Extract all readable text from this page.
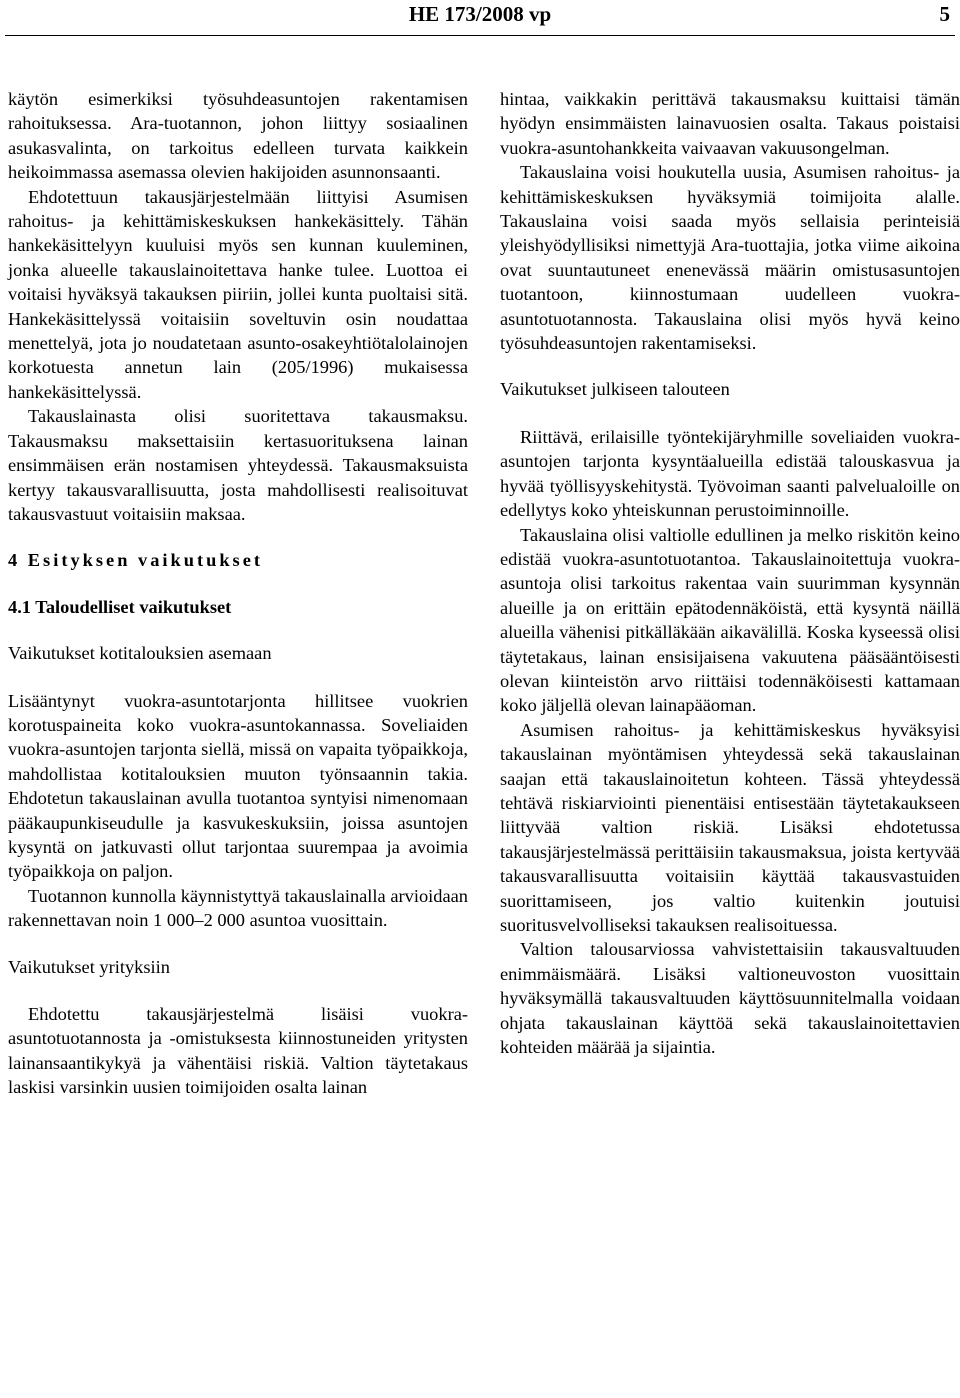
HE 173/2008 vp	5

käytön esimerkiksi työsuhdeasuntojen rakentamisen rahoituksessa. Ara-tuotannon, johon liittyy sosiaalinen asukasvalinta, on tarkoitus edelleen turvata kaikkein heikoimmassa asemassa olevien hakijoiden asunnonsaanti.

Ehdotettuun takausjärjestelmään liittyisi Asumisen rahoitus- ja kehittämiskeskuksen hankekäsittely. Tähän hankekäsittelyyn kuuluisi myös sen kunnan kuuleminen, jonka alueelle takauslainoitettava hanke tulee. Luottoa ei voitaisi hyväksyä takauksen piiriin, jollei kunta puoltaisi sitä. Hankekäsittelyssä voitaisiin soveltuvin osin noudattaa menettelyä, jota jo noudatetaan asunto-osakeyhtiötalolainojen korkotuesta annetun lain (205/1996) mukaisessa hankekäsittelyssä.

Takauslainasta olisi suoritettava takausmaksu. Takausmaksu maksettaisiin kertasuorituksena lainan ensimmäisen erän nostamisen yhteydessä. Takausmaksuista kertyy takausvarallisuutta, josta mahdollisesti realisoituvat takausvastuut voitaisiin maksaa.

4 Esityksen vaikutukset
4.1 Taloudelliset vaikutukset
Vaikutukset kotitalouksien asemaan

Lisääntynyt vuokra-asuntotarjonta hillitsee vuokrien korotuspaineita koko vuokra-asuntokannassa. Soveliaiden vuokra-asuntojen tarjonta siellä, missä on vapaita työpaikkoja, mahdollistaa kotitalouksien muuton työnsaannin takia. Ehdotetun takauslainan avulla tuotantoa syntyisi nimenomaan pääkaupunkiseudulle ja kasvukeskuksiin, joissa asuntojen kysyntä on jatkuvasti ollut tarjontaa suurempaa ja avoimia työpaikkoja on paljon.

Tuotannon kunnolla käynnistyttyä takauslainalla arvioidaan rakennettavan noin 1 000–2 000 asuntoa vuosittain.

Vaikutukset yrityksiin

Ehdotettu takausjärjestelmä lisäisi vuokra-asuntotuotannosta ja -omistuksesta kiinnostuneiden yritysten lainansaantikykyä ja vähentäisi riskiä. Valtion täytetakaus laskisi varsinkin uusien toimijoiden osalta lainan

hintaa, vaikkakin perittävä takausmaksu kuittaisi tämän hyödyn ensimmäisten lainavuosien osalta. Takaus poistaisi vuokra-asuntohankkeita vaivaavan vakuusongelman.

Takauslaina voisi houkutella uusia, Asumisen rahoitus- ja kehittämiskeskuksen hyväksymiä toimijoita alalle. Takauslaina voisi saada myös sellaisia perinteisiä yleishyödyllisiksi nimettyjä Ara-tuottajia, jotka viime aikoina ovat suuntautuneet enenevässä määrin omistusasuntojen tuotantoon, kiinnostumaan uudelleen vuokra-asuntotuotannosta. Takauslaina olisi myös hyvä keino työsuhdeasuntojen rakentamiseksi.

Vaikutukset julkiseen talouteen

Riittävä, erilaisille työntekijäryhmille soveliaiden vuokra-asuntojen tarjonta kysyntäalueilla edistää talouskasvua ja hyvää työllisyyskehitystä. Työvoiman saanti palvelualoille on edellytys koko yhteiskunnan perustoiminnoille.

Takauslaina olisi valtiolle edullinen ja melko riskitön keino edistää vuokra-asuntotuotantoa. Takauslainoitettuja vuokra-asuntoja olisi tarkoitus rakentaa vain suurimman kysynnän alueille ja on erittäin epätodennäköistä, että kysyntä näillä alueilla vähenisi pitkälläkään aikavälillä. Koska kyseessä olisi täytetakaus, lainan ensisijaisena vakuutena pääsääntöisesti olevan kiinteistön arvo riittäisi todennäköisesti kattamaan koko jäljellä olevan lainapääoman.

Asumisen rahoitus- ja kehittämiskeskus hyväksyisi takauslainan myöntämisen yhteydessä sekä takauslainan saajan että takauslainoitetun kohteen. Tässä yhteydessä tehtävä riskiarviointi pienentäisi entisestään täytetakaukseen liittyvää valtion riskiä. Lisäksi ehdotetussa takausjärjestelmässä perittäisiin takausmaksua, joista kertyvää takausvarallisuutta voitaisiin käyttää takausvastuiden suorittamiseen, jos valtio kuitenkin joutuisi suoritusvelvolliseksi takauksen realisoituessa.

Valtion talousarviossa vahvistettaisiin takausvaltuuden enimmäismäärä. Lisäksi valtioneuvoston vuosittain hyväksymällä takausvaltuuden käyttösuunnitelmalla voidaan ohjata takauslainan käyttöä sekä takauslainoitettavien kohteiden määrää ja sijaintia.
